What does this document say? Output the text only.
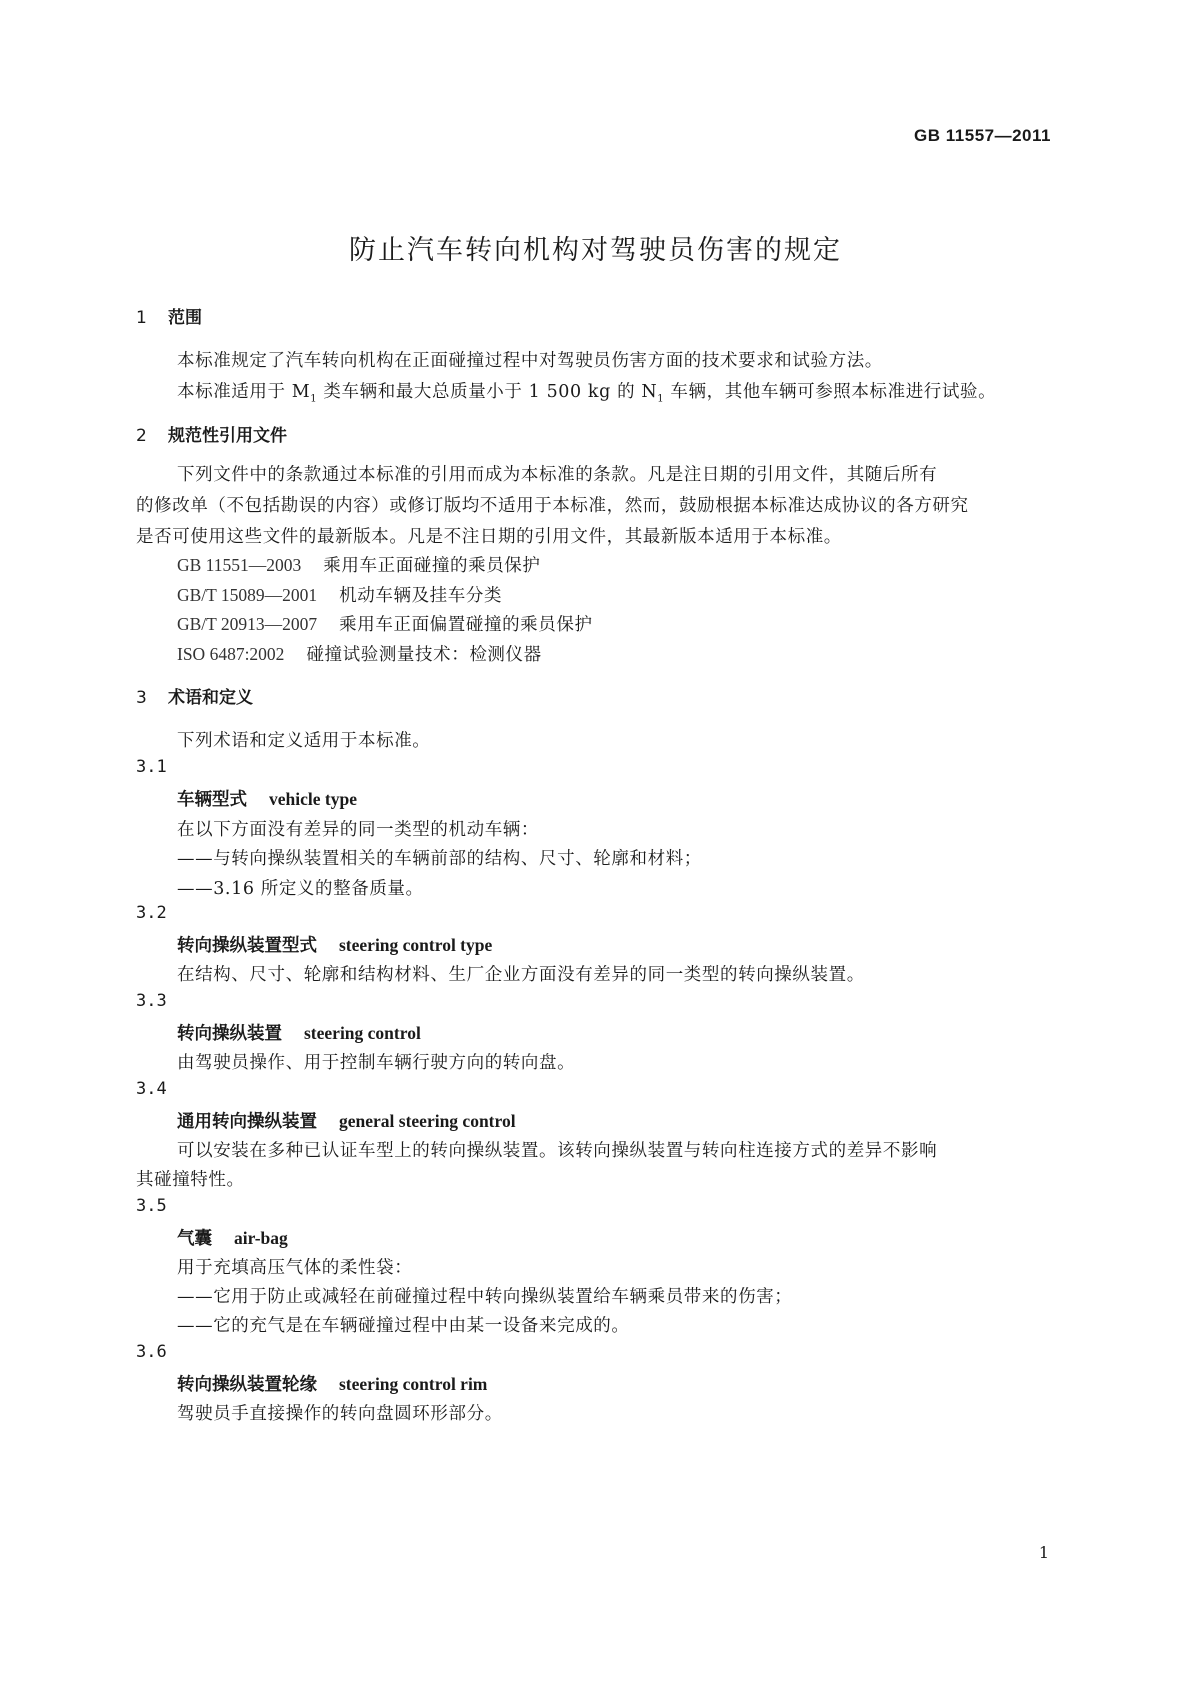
GB 11557—2011
防止汽车转向机构对驾驶员伤害的规定
1 范围
本标准规定了汽车转向机构在正面碰撞过程中对驾驶员伤害方面的技术要求和试验方法。
本标准适用于 $M_1$ 类车辆和最大总质量小于 1 500 kg 的 $N_1$ 车辆，其他车辆可参照本标准进行试验。
2 规范性引用文件
下列文件中的条款通过本标准的引用而成为本标准的条款。凡是注日期的引用文件，其随后所有
的修改单（不包括勘误的内容）或修订版均不适用于本标准，然而，鼓励根据本标准达成协议的各方研究
是否可使用这些文件的最新版本。凡是不注日期的引用文件，其最新版本适用于本标准。
GB 11551—2003 乘用车正面碰撞的乘员保护
GB/T 15089—2001 机动车辆及挂车分类
GB/T 20913—2007 乘用车正面偏置碰撞的乘员保护
ISO 6487:2002 碰撞试验测量技术：检测仪器
3 术语和定义
下列术语和定义适用于本标准。
3.1
车辆型式 vehicle type
在以下方面没有差异的同一类型的机动车辆：
——与转向操纵装置相关的车辆前部的结构、尺寸、轮廓和材料；
——3.16 所定义的整备质量。
3.2
转向操纵装置型式 steering control type
在结构、尺寸、轮廓和结构材料、生厂企业方面没有差异的同一类型的转向操纵装置。
3.3
转向操纵装置 steering control
由驾驶员操作、用于控制车辆行驶方向的转向盘。
3.4
通用转向操纵装置 general steering control
可以安装在多种已认证车型上的转向操纵装置。该转向操纵装置与转向柱连接方式的差异不影响
其碰撞特性。
3.5
气囊 air-bag
用于充填高压气体的柔性袋：
——它用于防止或减轻在前碰撞过程中转向操纵装置给车辆乘员带来的伤害；
——它的充气是在车辆碰撞过程中由某一设备来完成的。
3.6
转向操纵装置轮缘 steering control rim
驾驶员手直接操作的转向盘圆环形部分。
1
